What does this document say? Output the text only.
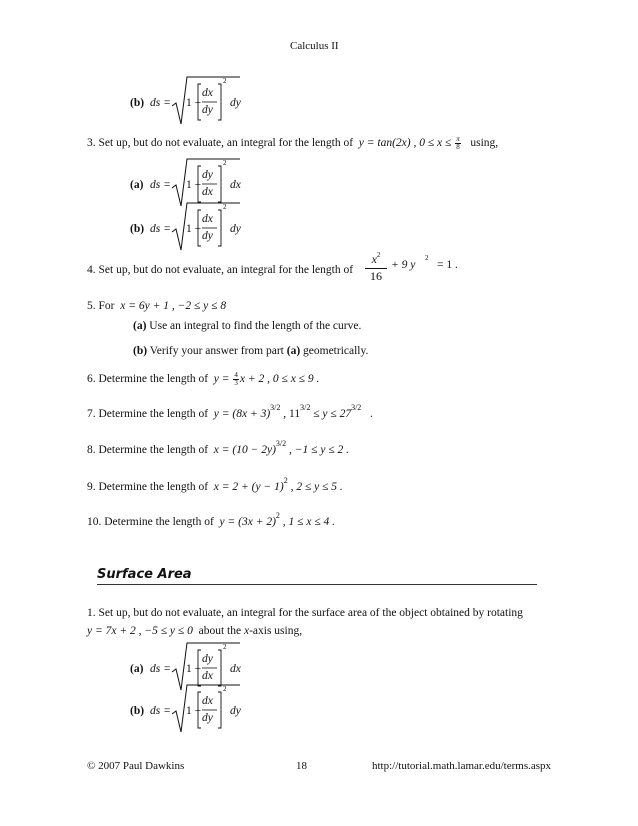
Calculus II
(b) ds = 1 +
dx
dy
2
dy
3. Set up, but do not evaluate, an integral for the length of y = tan(2x) , $0 \le x \le \frac{\pi}{8} using$,
(a) ds = 1 +
dy
dx
2
dx
(b) ds = 1 +
dx
dy
2
dy
4. Set up, but do not evaluate, an integral for the length of
$x^2$
16
+ 9 y
2
= 1 .
5. For x = 6y + 1 , −2 ≤ y ≤ 8
(a) Use an integral to find the length of the curve.
(b) Verify your answer from part (a) geometrically.
6. Determine the length of $y = \frac{4}{3}$ x + 2 , 0 ≤ x ≤ 9 .
7. Determine the length of $y = (8x + 3)^{3/2}$ , $11^{3/2} \le y \le 27^{3/2}$   .
8. Determine the length of $x = (10 - 2y)^{3/2}$ , −1 ≤ y ≤ 2 .
9. Determine the length of $x = 2 + (y - 1)^2$ , 2 ≤ y ≤ 5 .
10. Determine the length of $y = (3x + 2)^2$ , 1 ≤ x ≤ 4 .
Surface Area
1. Set up, but do not evaluate, an integral for the surface area of the object obtained by rotating
y = 7x + 2 , −5 ≤ y ≤ 0 about the x-axis using,
(a) ds = 1 +
dy
dx
2
dx
(b) ds = 1 +
dx
dy
2
dy
© 2007 Paul Dawkins	18	http://tutorial.math.lamar.edu/terms.aspx
